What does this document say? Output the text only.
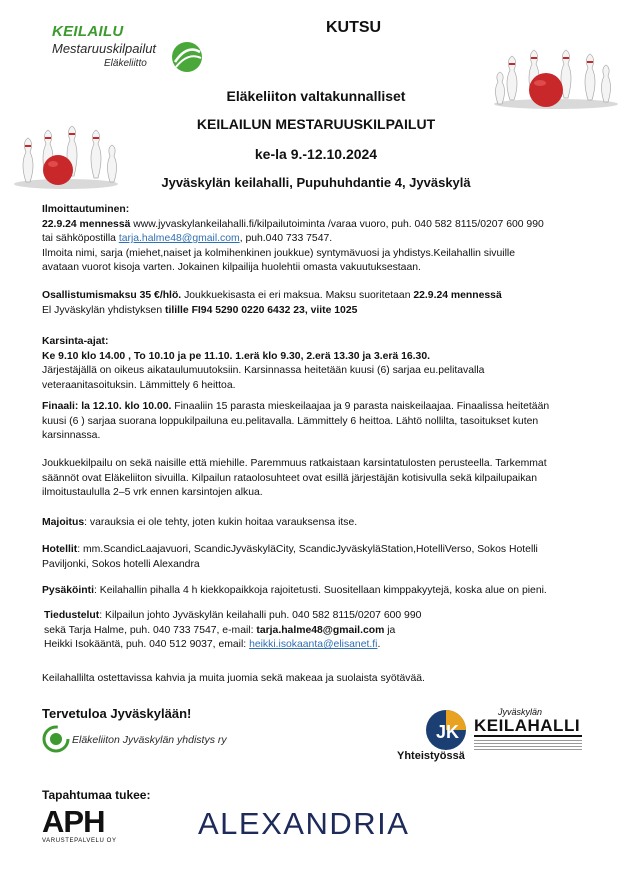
KEILAILU
Mestaruuskilpailut
Eläkeliitto
KUTSU
Eläkeliiton valtakunnalliset
KEILAILUN MESTARUUSKILPAILUT
ke-la 9.-12.10.2024
Jyväskylän keilahalli, Pupuhuhdantie 4, Jyväskylä
Ilmoittautuminen:
22.9.24 mennessä www.jyvaskylankeilahalli.fi/kilpailutoiminta /varaa vuoro, puh. 040 582 8115/0207 600 990
tai sähköpostilla tarja.halme48@gmail.com, puh.040 733 7547.
Ilmoita nimi, sarja (miehet,naiset ja kolmihenkinen joukkue) syntymävuosi ja yhdistys.Keilahallin sivuille
avataan vuorot kisoja varten. Jokainen kilpailija huolehtii omasta vakuutuksestaan.
Osallistumismaksu 35 €/hlö. Joukkuekisasta ei eri maksua. Maksu suoritetaan 22.9.24 mennessä
El Jyväskylän yhdistyksen tilille FI94 5290 0220 6432 23, viite 1025
Karsinta-ajat:
Ke 9.10 klo 14.00 , To 10.10 ja pe 11.10. 1.erä klo 9.30, 2.erä 13.30 ja 3.erä 16.30.
Järjestäjällä on oikeus aikataulumuutoksiin. Karsinnassa heitetään kuusi (6) sarjaa eu.pelitavalla
veteraanitasoituksin. Lämmittely 6 heittoa.
Finaali: la 12.10. klo 10.00. Finaaliin 15 parasta mieskeilaajaa ja 9 parasta naiskeilaajaa. Finaalissa heitetään
kuusi (6 ) sarjaa suorana loppukilpailuna eu.pelitavalla. Lämmittely 6 heittoa. Lähtö nollilta, tasoitukset kuten
karsinnassa.
Joukkuekilpailu on sekä naisille että miehille. Paremmuus ratkaistaan karsintatulosten perusteella. Tarkemmat
säännöt ovat Eläkeliiton sivuilla. Kilpailun rataolosuhteet ovat esillä järjestäjän kotisivulla sekä kilpailupaikan
ilmoitustaululla 2–5 vrk ennen karsintojen alkua.
Majoitus: varauksia ei ole tehty, joten kukin hoitaa varauksensa itse.
Hotellit: mm.ScandicLaajavuori, ScandicJyväskyläCity, ScandicJyväskyläStation,HotelliVerso, Sokos Hotelli
Paviljonki, Sokos hotelli Alexandra
Pysäköinti: Keilahallin pihalla 4 h kiekkopaikkoja rajoitetusti. Suositellaan kimppakyytejä, koska alue on pieni.
Tiedustelut: Kilpailun johto Jyväskylän keilahalli puh. 040 582 8115/0207 600 990
sekä Tarja Halme, puh. 040 733 7547, e-mail: tarja.halme48@gmail.com ja
Heikki Isokääntä, puh. 040 512 9037, email: heikki.isokaanta@elisanet.fi.
Keilahallilta ostettavissa kahvia ja muita juomia sekä makeaa ja suolaista syötävää.
Tervetuloa Jyväskylään!
Eläkeliiton Jyväskylän yhdistys ry	JK
Yhteistyössä
Jyväskylän
KEILAHALLI
Tapahtumaa tukee:
APH
VARUSTEPALVELU OY	ALEXANDRIA
